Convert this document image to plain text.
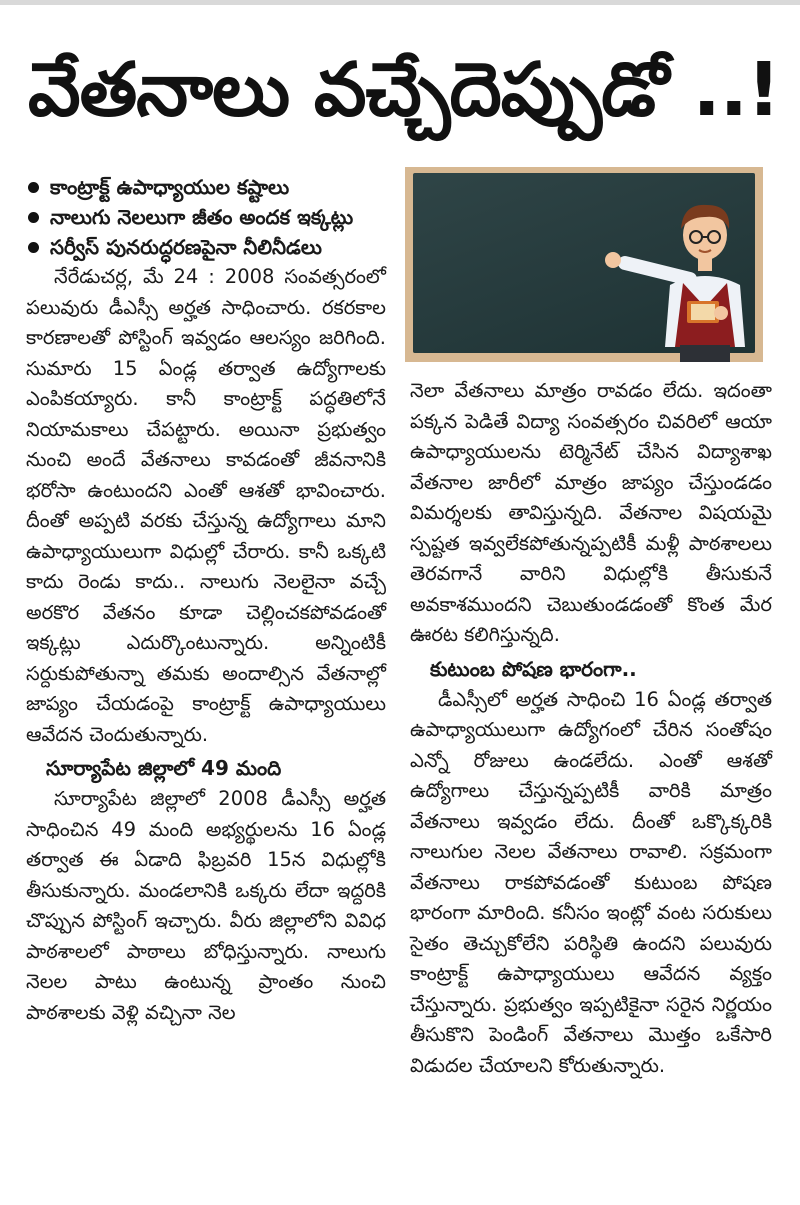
వేతనాలు వచ్చేదెప్పుడో ..!
కాంట్రాక్ట్ ఉపాధ్యాయుల కష్టాలు
నాలుగు నెలలుగా జీతం అందక ఇక్కట్లు
సర్వీస్ పునరుద్ధరణపైనా నీలినీడలు

నేరేడుచర్ల, మే 24 : 2008 సంవత్సరంలో పలువురు డీఎస్సీ అర్హత సాధించారు. రకరకాల కారణాలతో పోస్టింగ్ ఇవ్వడం ఆలస్యం జరిగింది. సుమారు 15 ఏండ్ల తర్వాత ఉద్యోగాలకు ఎంపికయ్యారు. కానీ కాంట్రాక్ట్ పద్ధతిలోనే నియామకాలు చేపట్టారు. అయినా ప్రభుత్వం నుంచి అందే వేతనాలు కావడంతో జీవనానికి భరోసా ఉంటుందని ఎంతో ఆశతో భావించారు. దీంతో అప్పటి వరకు చేస్తున్న ఉద్యోగాలు మాని ఉపాధ్యాయులుగా విధుల్లో చేరారు. కానీ ఒక్కటి కాదు రెండు కాదు.. నాలుగు నెలలైనా వచ్చే అరకొర వేతనం కూడా చెల్లించకపోవడంతో ఇక్కట్లు ఎదుర్కొంటున్నారు. అన్నింటికీ సర్దుకుపోతున్నా తమకు అందాల్సిన వేతనాల్లో జాప్యం చేయడంపై కాంట్రాక్ట్ ఉపాధ్యాయులు ఆవేదన చెందుతున్నారు.

సూర్యాపేట జిల్లాలో 49 మంది

సూర్యాపేట జిల్లాలో 2008 డీఎస్సీ అర్హత సాధించిన 49 మంది అభ్యర్థులను 16 ఏండ్ల తర్వాత ఈ ఏడాది ఫిబ్రవరి 15న విధుల్లోకి తీసుకున్నారు. మండలానికి ఒక్కరు లేదా ఇద్దరికి చొప్పున పోస్టింగ్ ఇచ్చారు. వీరు జిల్లాలోని వివిధ పాఠశాలలో పాఠాలు బోధిస్తున్నారు. నాలుగు నెలల పాటు ఉంటున్న ప్రాంతం నుంచి పాఠశాలకు వెళ్లి వచ్చినా నెల

నెలా వేతనాలు మాత్రం రావడం లేదు. ఇదంతా పక్కన పెడితే విద్యా సంవత్సరం చివరిలో ఆయా ఉపాధ్యాయులను టెర్మినేట్ చేసిన విద్యాశాఖ వేతనాల జారీలో మాత్రం జాప్యం చేస్తుండడం విమర్శలకు తావిస్తున్నది. వేతనాల విషయమై స్పష్టత ఇవ్వలేకపోతున్నప్పటికీ మళ్లీ పాఠశాలలు తెరవగానే వారిని విధుల్లోకి తీసుకునే అవకాశముందని చెబుతుండడంతో కొంత మేర ఊరట కలిగిస్తున్నది.

కుటుంబ పోషణ భారంగా..

డీఎస్సీలో అర్హత సాధించి 16 ఏండ్ల తర్వాత ఉపాధ్యాయులుగా ఉద్యోగంలో చేరిన సంతోషం ఎన్నో రోజులు ఉండలేదు. ఎంతో ఆశతో ఉద్యోగాలు చేస్తున్నప్పటికీ వారికి మాత్రం వేతనాలు ఇవ్వడం లేదు. దీంతో ఒక్కొక్కరికి నాలుగుల నెలల వేతనాలు రావాలి. సక్రమంగా వేతనాలు రాకపోవడంతో కుటుంబ పోషణ భారంగా మారింది. కనీసం ఇంట్లో వంట సరుకులు సైతం తెచ్చుకోలేని పరిస్థితి ఉందని పలువురు కాంట్రాక్ట్ ఉపాధ్యాయులు ఆవేదన వ్యక్తం చేస్తున్నారు. ప్రభుత్వం ఇప్పటికైనా సరైన నిర్ణయం తీసుకొని పెండింగ్ వేతనాలు మొత్తం ఒకేసారి విడుదల చేయాలని కోరుతున్నారు.
